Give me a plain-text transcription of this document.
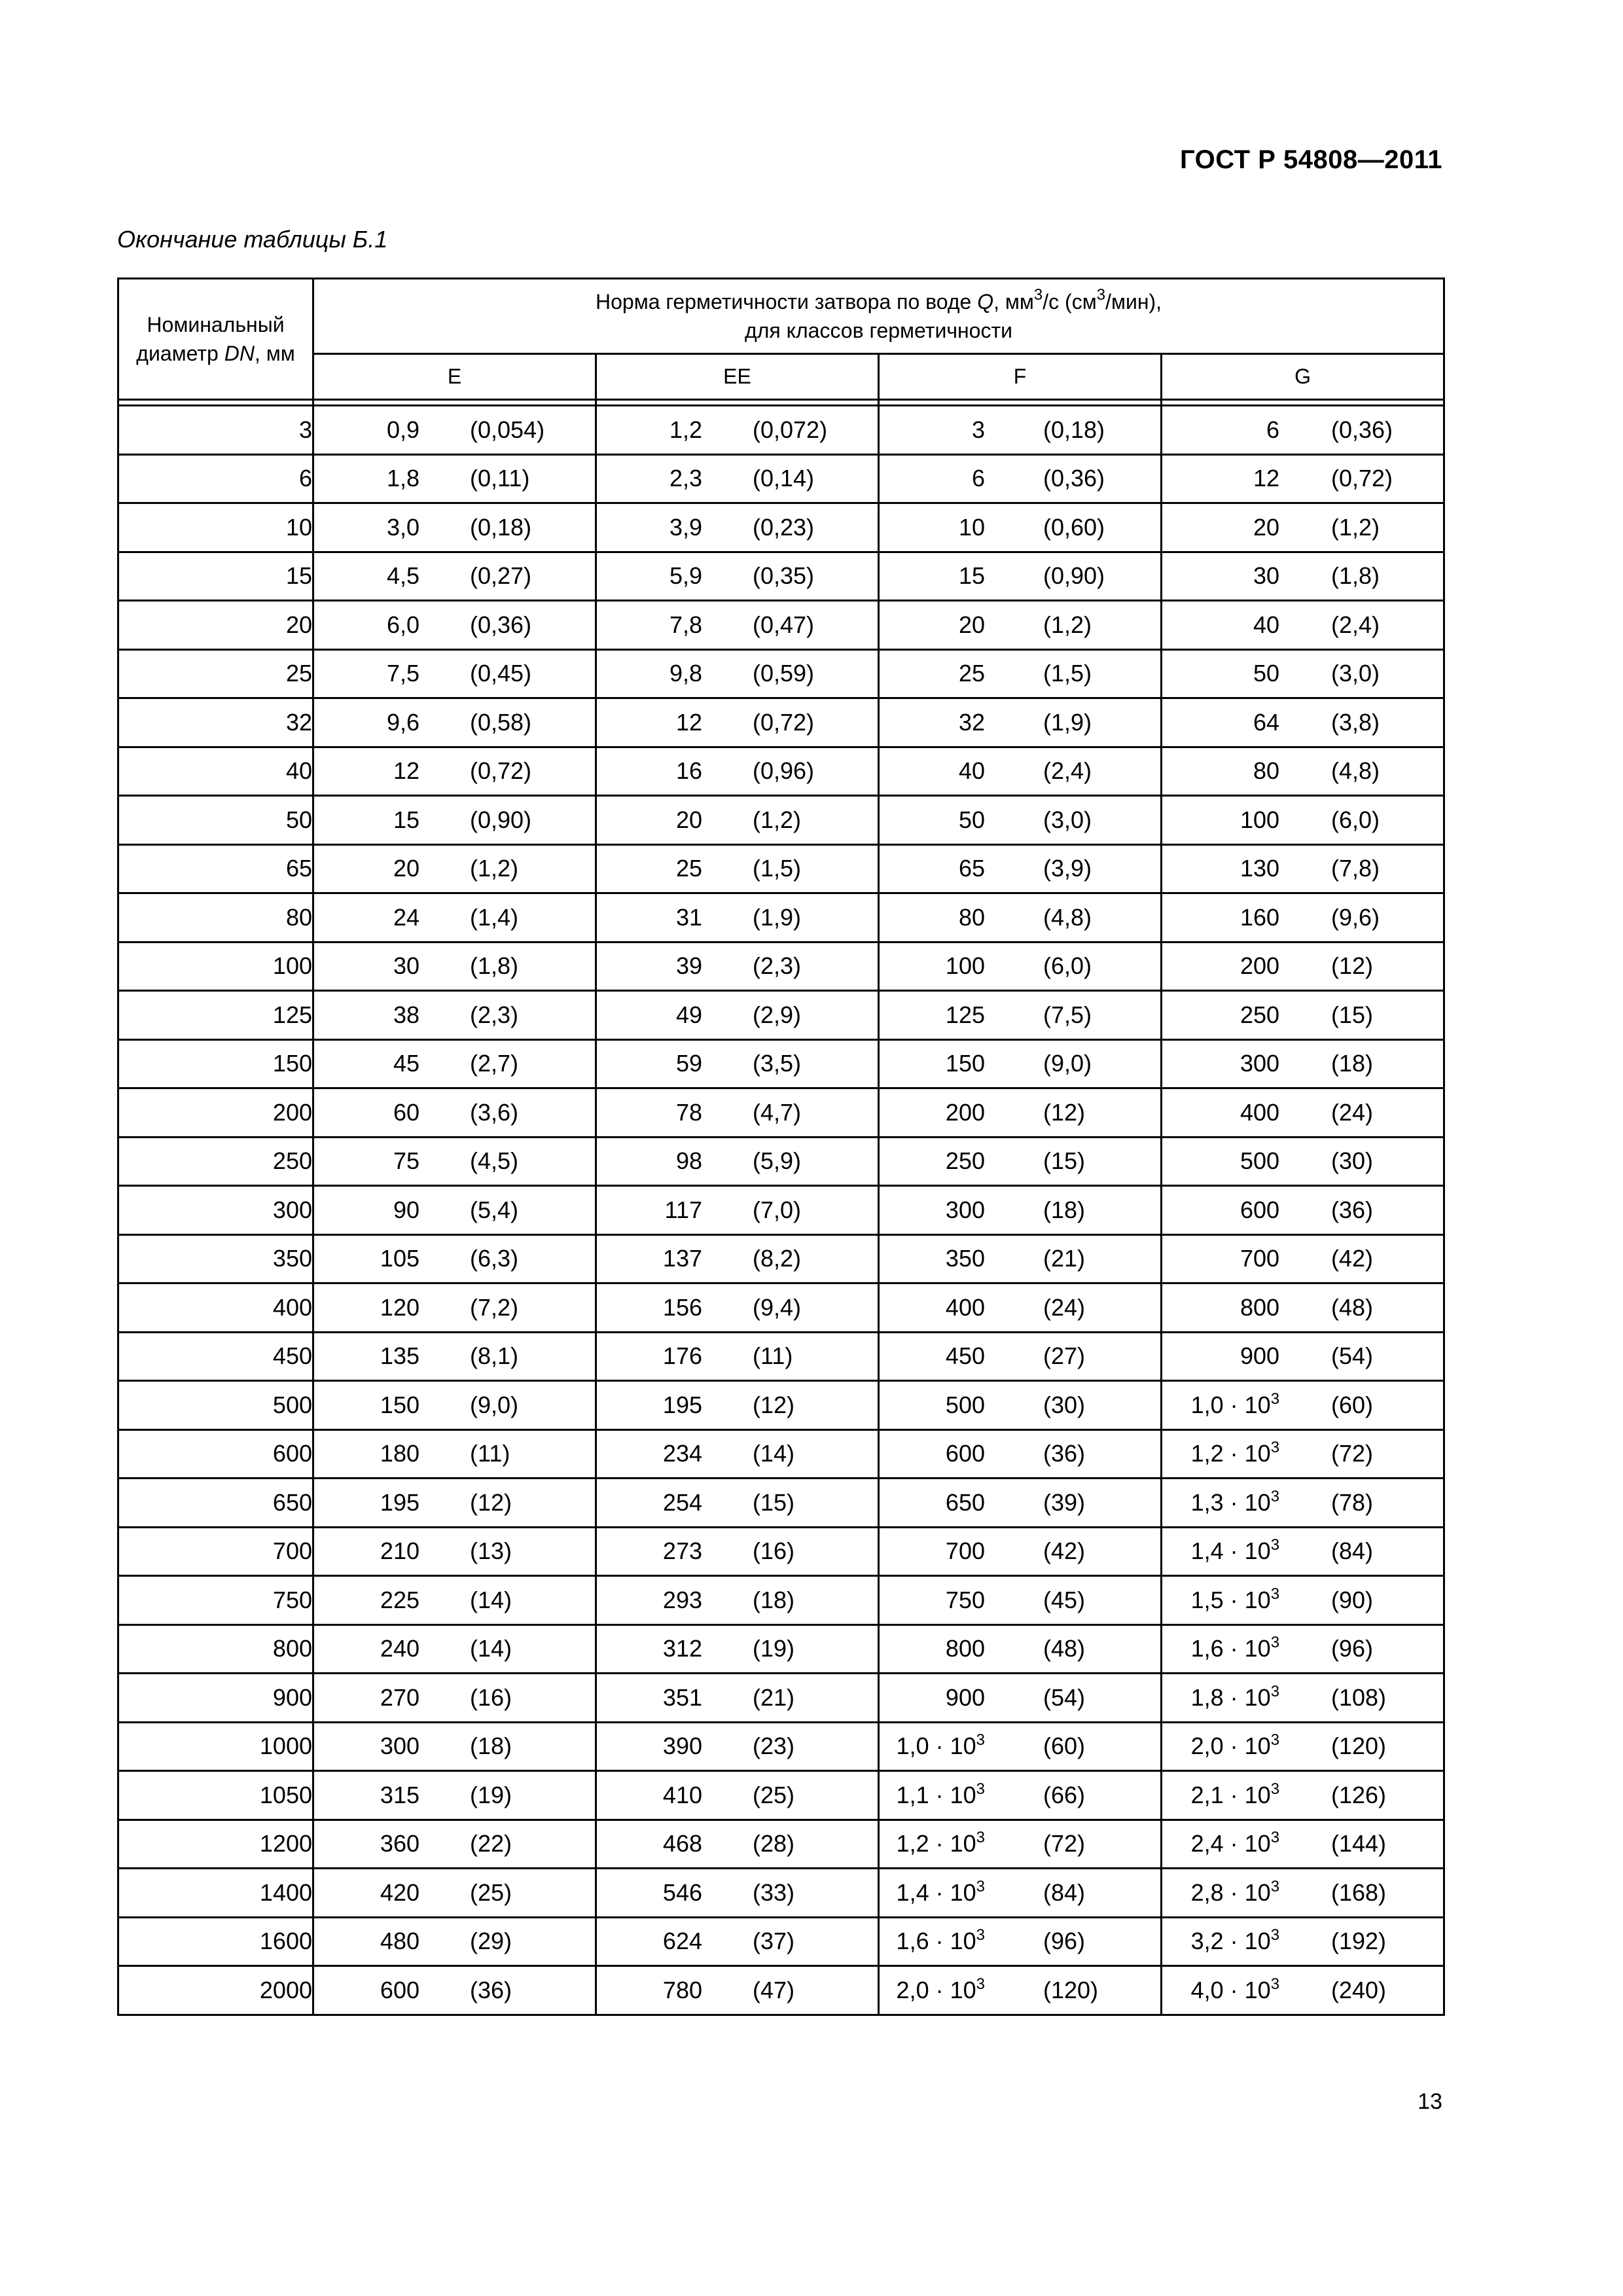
ГОСТ Р 54808—2011
Окончание таблицы Б.1
Номинальный
диаметр DN, мм	Норма герметичности затвора по воде Q, $мм^3/с$ $(см^3/мин)$,
для классов герметичности			
	E	EE	F	G

3	0,9 (0,054)	1,2 (0,072)	3 (0,18)	6 (0,36)

6	1,8 (0,11)	2,3 (0,14)	6 (0,36)	12 (0,72)

10	3,0 (0,18)	3,9 (0,23)	10 (0,60)	20 (1,2)

15	4,5 (0,27)	5,9 (0,35)	15 (0,90)	30 (1,8)

20	6,0 (0,36)	7,8 (0,47)	20 (1,2)	40 (2,4)

25	7,5 (0,45)	9,8 (0,59)	25 (1,5)	50 (3,0)

32	9,6 (0,58)	12 (0,72)	32 (1,9)	64 (3,8)

40	12 (0,72)	16 (0,96)	40 (2,4)	80 (4,8)

50	15 (0,90)	20 (1,2)	50 (3,0)	100 (6,0)

65	20 (1,2)	25 (1,5)	65 (3,9)	130 (7,8)

80	24 (1,4)	31 (1,9)	80 (4,8)	160 (9,6)

100	30 (1,8)	39 (2,3)	100 (6,0)	200 (12)

125	38 (2,3)	49 (2,9)	125 (7,5)	250 (15)

150	45 (2,7)	59 (3,5)	150 (9,0)	300 (18)

200	60 (3,6)	78 (4,7)	200 (12)	400 (24)

250	75 (4,5)	98 (5,9)	250 (15)	500 (30)

300	90 (5,4)	117 (7,0)	300 (18)	600 (36)

350	105 (6,3)	137 (8,2)	350 (21)	700 (42)

400	120 (7,2)	156 (9,4)	400 (24)	800 (48)

450	135 (8,1)	176 (11)	450 (27)	900 (54)

500	150 (9,0)	195 (12)	500 (30)	$1,0 \cdot 10^3$ (60)

600	180 (11)	234 (14)	600 (36)	$1,2 \cdot 10^3$ (72)

650	195 (12)	254 (15)	650 (39)	$1,3 \cdot 10^3$ (78)

700	210 (13)	273 (16)	700 (42)	$1,4 \cdot 10^3$ (84)

750	225 (14)	293 (18)	750 (45)	$1,5 \cdot 10^3$ (90)

800	240 (14)	312 (19)	800 (48)	$1,6 \cdot 10^3$ (96)

900	270 (16)	351 (21)	900 (54)	$1,8 \cdot 10^3$ (108)

1000	300 (18)	390 (23)	$1,0 \cdot 10^3$ (60)	$2,0 \cdot 10^3$ (120)

1050	315 (19)	410 (25)	$1,1 \cdot 10^3$ (66)	$2,1 \cdot 10^3$ (126)

1200	360 (22)	468 (28)	$1,2 \cdot 10^3$ (72)	$2,4 \cdot 10^3$ (144)

1400	420 (25)	546 (33)	$1,4 \cdot 10^3$ (84)	$2,8 \cdot 10^3$ (168)

1600	480 (29)	624 (37)	$1,6 \cdot 10^3$ (96)	$3,2 \cdot 10^3$ (192)

2000	600 (36)	780 (47)	$2,0 \cdot 10^3$ (120)	$4,0 \cdot 10^3$ (240)
13
